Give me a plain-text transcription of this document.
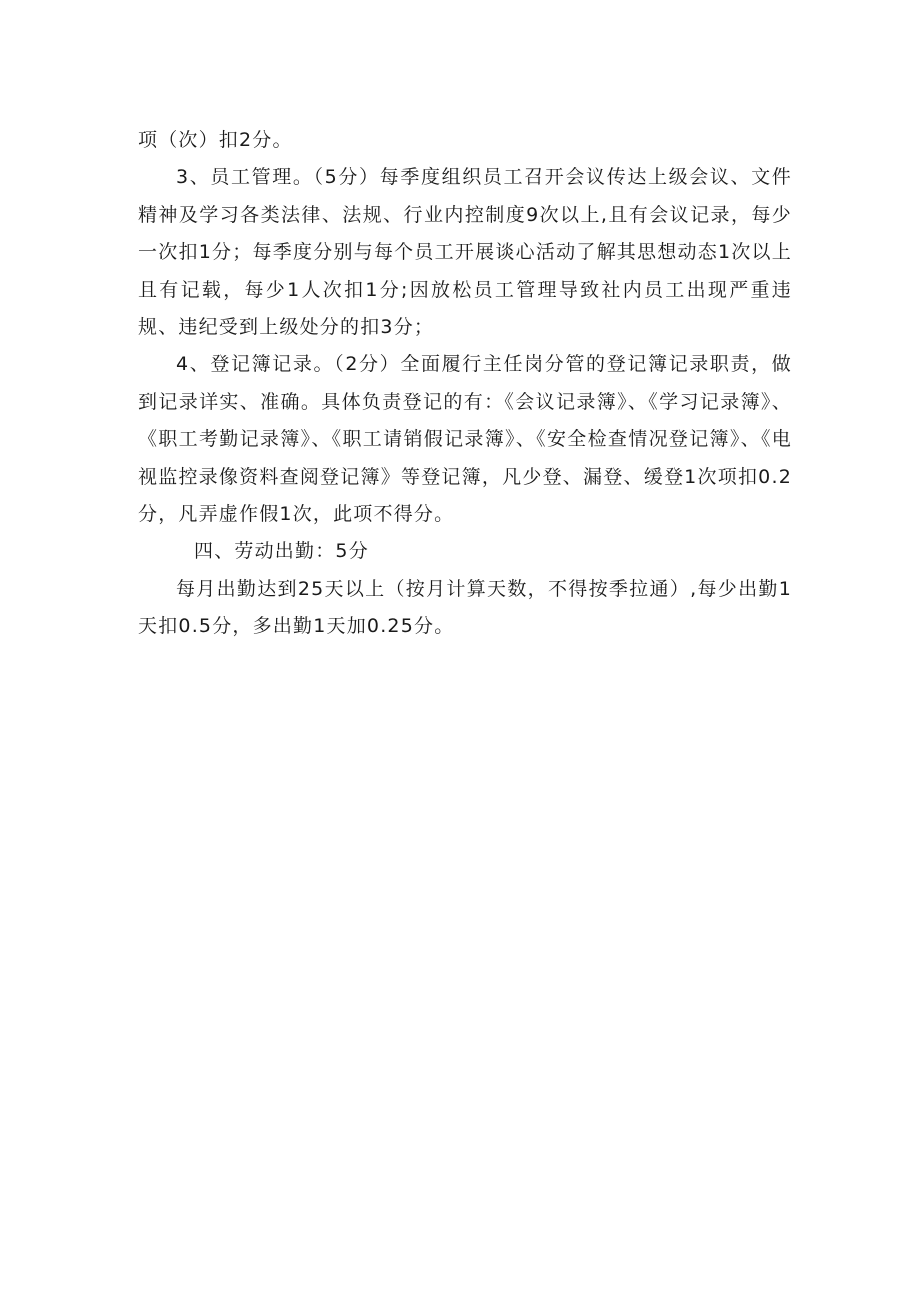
项（次）扣2分。

3、员工管理。（5分）每季度组织员工召开会议传达上级会议、文件精神及学习各类法律、法规、行业内控制度9次以上,且有会议记录，每少一次扣1分；每季度分别与每个员工开展谈心活动了解其思想动态1次以上且有记载，每少1人次扣1分;因放松员工管理导致社内员工出现严重违规、违纪受到上级处分的扣3分；

4、登记簿记录。（2分）全面履行主任岗分管的登记簿记录职责，做到记录详实、准确。具体负责登记的有：《会议记录簿》、《学习记录簿》、《职工考勤记录簿》、《职工请销假记录簿》、《安全检查情况登记簿》、《电视监控录像资料查阅登记簿》等登记簿，凡少登、漏登、缓登1次项扣0.2分，凡弄虚作假1次，此项不得分。

四、劳动出勤：5分

每月出勤达到25天以上（按月计算天数，不得按季拉通）,每少出勤1天扣0.5分，多出勤1天加0.25分。
